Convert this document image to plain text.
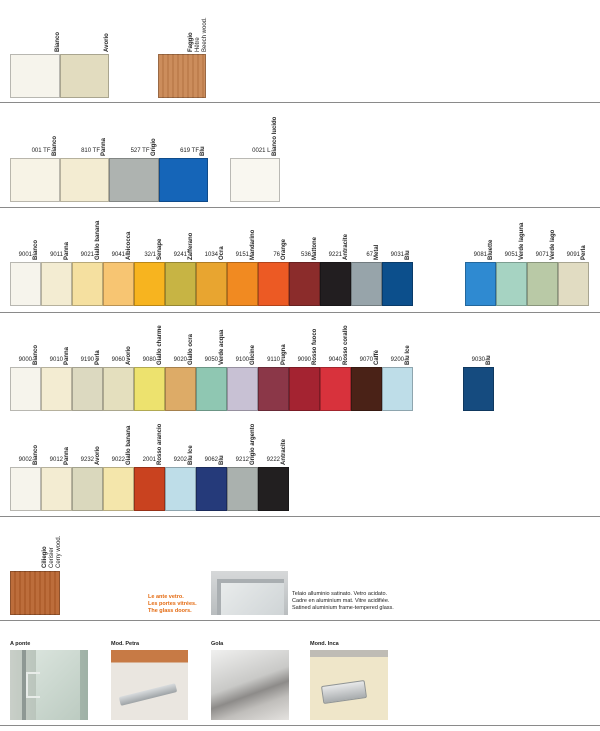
Bianco	Avorio	Faggio Hêtre Beech wood.
001 TF Bianco	810 TF Panna	527 TF Grigio	619 TF Blu	0021 L Bianco lucido
9001 Bianco 9011 Panna 9021 Giallo banana 9041 Albicocca 32/1 Senape 9241 Zafferano 1034 Ocra 9151 Mandarino	76 Orange 536 Mattone 9221 Antracite	67 Metal 9031 Blu	9081 Bluette 9051 Verde laguna 9071 Verde lago 9091 Perla
9000 Bianco 9010 Panna 9190 Perla 9060 Avorio 9080 Giallo charme 9020 Giallo ocra 9050 Verde acqua 9100 Glicine 9110 Prugna 9090 Rosso fuoco 9040 Rosso corallo 9070 Caffè 9200 Blu Ice	9030 Blu
9002 Bianco 9012 Panna 9232 Avorio 9022 Giallo banana 2001 Rosso arancio 9202 Blu Ice 9062 Blu 9212 Grigio argento 9222 Antracite
Ciliegio Cerisier Cerry wood.
Le ante vetro.
Les portes vitrées.
The glass doors.
Telaio alluminio satinato. Vetro acidato.
Cadre en aluminium mat. Vitre acidifiée.
Satined aluminium frame-tempered glass.
A ponte	Mod. Petra	Gola	Mond. Inca
